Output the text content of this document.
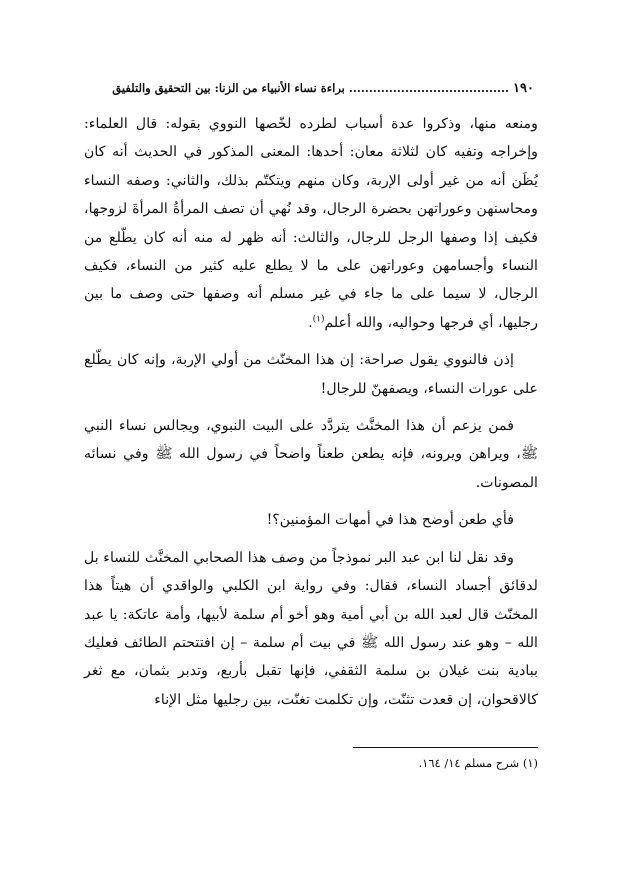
١٩٠
........................................ براءة نساء الأنبياء من الزنا: بين التحقيق والتلفيق

ومنعه منها، وذكروا عدة أسباب لطرده لخّصها النووي بقوله: قال العلماء: وإخراجه ونفيه كان لثلاثة معان: أحدها: المعنى المذكور في الحديث أنه كان يُظَن أنه من غير أولى الإربة، وكان منهم ويتكتّم بذلك، والثاني: وصفه النساء ومحاسنهن وعوراتهن بحضرة الرجال، وقد نُهي أن تصف المرأةُ المرأةَ لزوجها، فكيف إذا وصفها الرجل للرجال، والثالث: أنه ظهر له منه أنه كان يطّلع من النساء وأجسامهن وعوراتهن على ما لا يطلع عليه كثير من النساء، فكيف الرجال، لا سيما على ما جاء في غير مسلم أنه وصفها حتى وصف ما بين رجليها، أي فرجها وحواليه، والله أعلم$^{(١)}$.

إذن فالنووي يقول صراحة: إن هذا المخنّث من أولي الإربة، وإنه كان يطّلع على عورات النساء، ويصفهنّ للرجال!

فمن يزعم أن هذا المخنَّث يتردَّد على البيت النبوي، ويجالس نساء النبي ﷺ، ويراهن ويرونه، فإنه يطعن طعناً واضحاً في رسول الله ﷺ وفي نسائه المصونات.

فأي طعن أوضح هذا في أمهات المؤمنين؟!

وقد نقل لنا ابن عبد البر نموذجاً من وصف هذا الصحابي المخنَّث للنساء بل لدقائق أجساد النساء، فقال: وفي رواية ابن الكلبي والواقدي أن هيتاً هذا المخنّث قال لعبد الله بن أبي أمية وهو أخو أم سلمة لأبيها، وأمة عاتكة: يا عبد الله – وهو عند رسول الله ﷺ في بيت أم سلمة – إن افتتحتم الطائف فعليك ببادية بنت غيلان بن سلمة الثقفي، فإنها تقبل بأربع، وتدبر بثمان، مع ثغر كالاقحوان، إن قعدت تثنّت، وإن تكلمت تغنّت، بين رجليها مثل الإناء

(١) شرح مسلم ١٤/ ١٦٤.
